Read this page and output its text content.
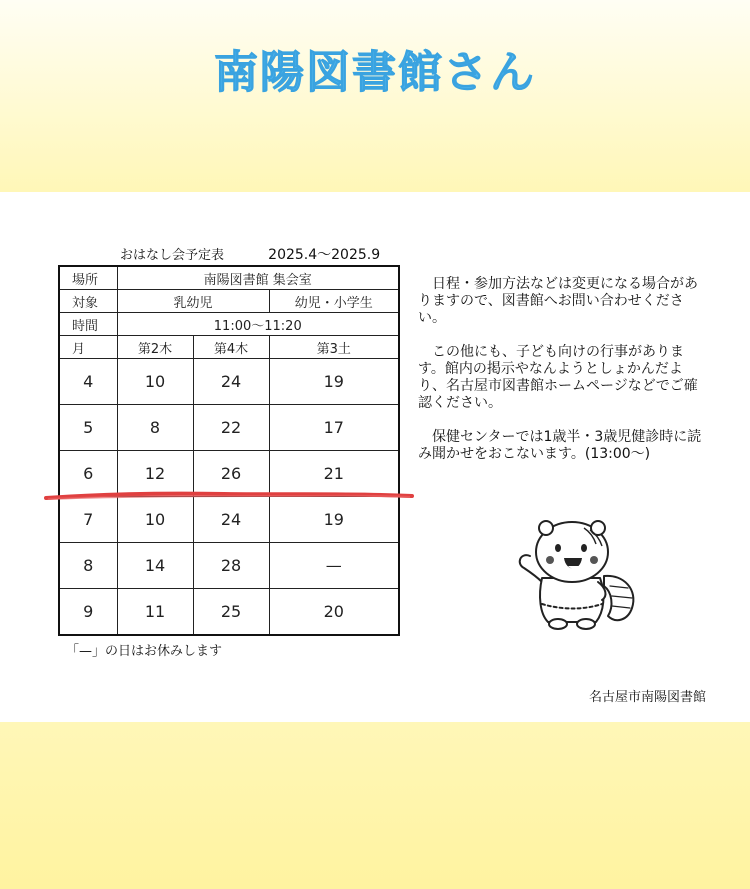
南陽図書館さん
おはなし会予定表	2025.4～2025.9
場所	南陽図書館 集会室		
対象	乳幼児		幼児・小学生
時間	11:00～11:20		
月	第2木	第4木	第3土
4	10	24	19
5	8	22	17
6	12	26	21
7	10	24	19
8	14	28	—
9	11	25	20
「—」の日はお休みします

日程・参加方法などは変更になる場合がありますので、図書館へお問い合わせください。

この他にも、子ども向けの行事があります。館内の掲示やなんようとしょかんだより、名古屋市図書館ホームページなどでご確認ください。

保健センターでは1歳半・3歳児健診時に読み聞かせをおこないます。(13:00～)

名古屋市南陽図書館
